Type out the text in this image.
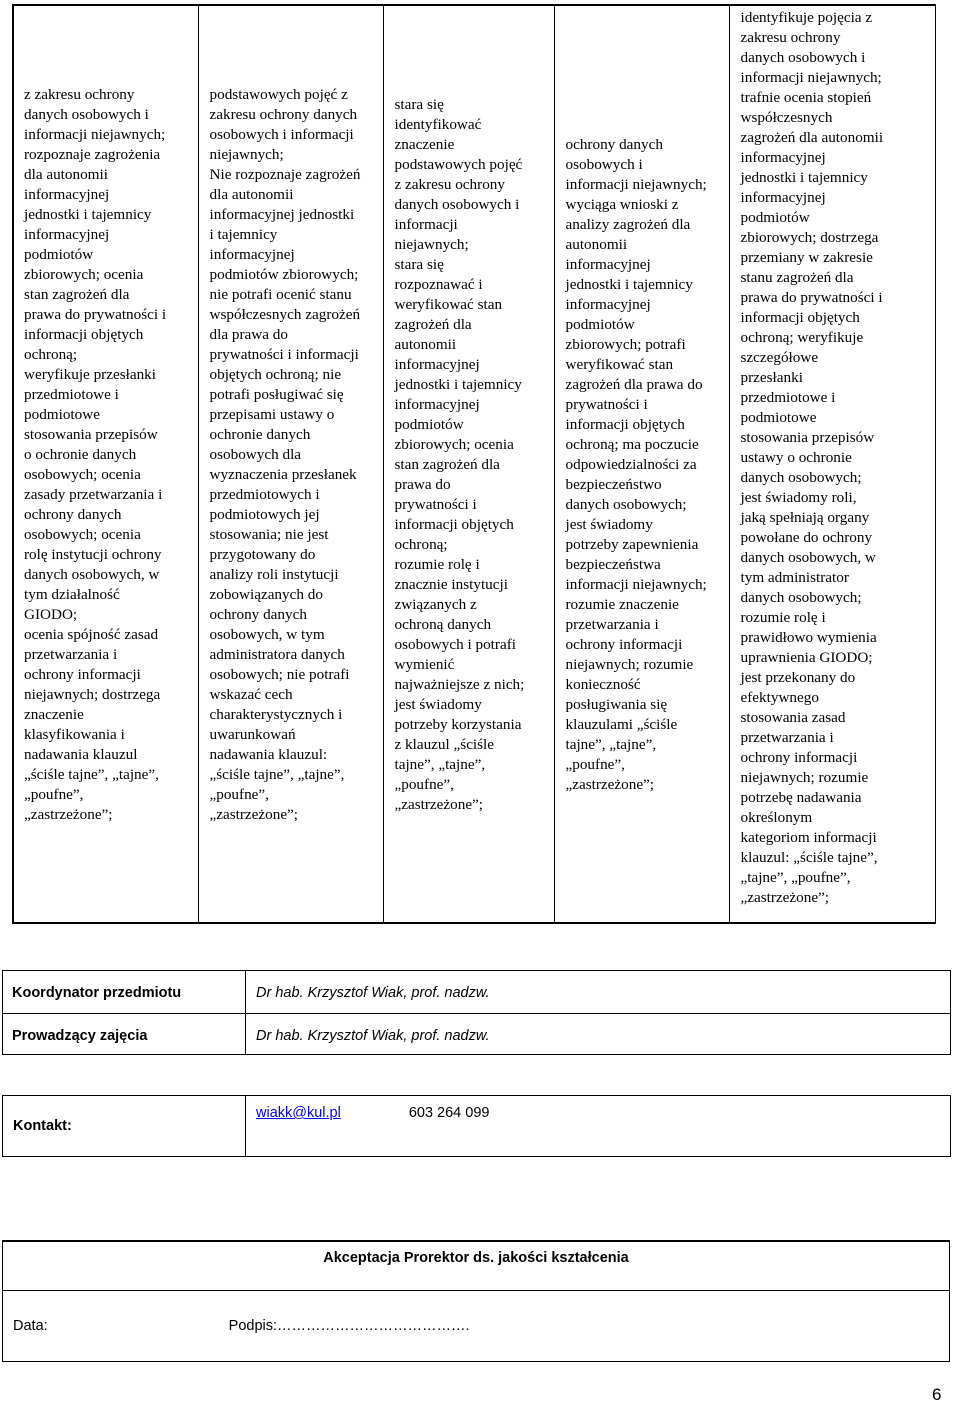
z zakresu ochrony
danych osobowych i
informacji niejawnych;
rozpoznaje zagrożenia
dla autonomii
informacyjnej
jednostki i tajemnicy
informacyjnej
podmiotów
zbiorowych; ocenia
stan zagrożeń dla
prawa do prywatności i
informacji objętych
ochroną;
weryfikuje przesłanki
przedmiotowe i
podmiotowe
stosowania przepisów
o ochronie danych
osobowych; ocenia
zasady przetwarzania i
ochrony danych
osobowych; ocenia
rolę instytucji ochrony
danych osobowych, w
tym działalność
GIODO;
ocenia spójność zasad
przetwarzania i
ochrony informacji
niejawnych; dostrzega
znaczenie
klasyfikowania i
nadawania klauzul
„ściśle tajne”, „tajne”,
„poufne”,
„zastrzeżone”;

podstawowych pojęć z
zakresu ochrony danych
osobowych i informacji
niejawnych;
Nie rozpoznaje zagrożeń
dla autonomii
informacyjnej jednostki
i tajemnicy
informacyjnej
podmiotów zbiorowych;
nie potrafi ocenić stanu
współczesnych zagrożeń
dla prawa do
prywatności i informacji
objętych ochroną; nie
potrafi posługiwać się
przepisami ustawy o
ochronie danych
osobowych dla
wyznaczenia przesłanek
przedmiotowych i
podmiotowych jej
stosowania; nie jest
przygotowany do
analizy roli instytucji
zobowiązanych do
ochrony danych
osobowych, w tym
administratora danych
osobowych; nie potrafi
wskazać cech
charakterystycznych i
uwarunkowań
nadawania klauzul:
„ściśle tajne”, „tajne”,
„poufne”,
„zastrzeżone”;

stara się
identyfikować
znaczenie
podstawowych pojęć
z zakresu ochrony
danych osobowych i
informacji
niejawnych;
stara się
rozpoznawać i
weryfikować stan
zagrożeń dla
autonomii
informacyjnej
jednostki i tajemnicy
informacyjnej
podmiotów
zbiorowych; ocenia
stan zagrożeń dla
prawa do
prywatności i
informacji objętych
ochroną;
rozumie rolę i
znacznie instytucji
związanych z
ochroną danych
osobowych i potrafi
wymienić
najważniejsze z nich;
jest świadomy
potrzeby korzystania
z klauzul „ściśle
tajne”, „tajne”,
„poufne”,
„zastrzeżone”;

ochrony danych
osobowych i
informacji niejawnych;
wyciąga wnioski z
analizy zagrożeń dla
autonomii
informacyjnej
jednostki i tajemnicy
informacyjnej
podmiotów
zbiorowych; potrafi
weryfikować stan
zagrożeń dla prawa do
prywatności i
informacji objętych
ochroną; ma poczucie
odpowiedzialności za
bezpieczeństwo
danych osobowych;
jest świadomy
potrzeby zapewnienia
bezpieczeństwa
informacji niejawnych;
rozumie znaczenie
przetwarzania i
ochrony informacji
niejawnych; rozumie
konieczność
posługiwania się
klauzulami „ściśle
tajne”, „tajne”,
„poufne”,
„zastrzeżone”;

identyfikuje pojęcia z
zakresu ochrony
danych osobowych i
informacji niejawnych;
trafnie ocenia stopień
współczesnych
zagrożeń dla autonomii
informacyjnej
jednostki i tajemnicy
informacyjnej
podmiotów
zbiorowych; dostrzega
przemiany w zakresie
stanu zagrożeń dla
prawa do prywatności i
informacji objętych
ochroną; weryfikuje
szczegółowe
przesłanki
przedmiotowe i
podmiotowe
stosowania przepisów
ustawy o ochronie
danych osobowych;
jest świadomy roli,
jaką spełniają organy
powołane do ochrony
danych osobowych, w
tym administrator
danych osobowych;
rozumie rolę i
prawidłowo wymienia
uprawnienia GIODO;
jest przekonany do
efektywnego
stosowania zasad
przetwarzania i
ochrony informacji
niejawnych; rozumie
potrzebę nadawania
określonym
kategoriom informacji
klauzul: „ściśle tajne”,
„tajne”, „poufne”,
„zastrzeżone”;
Koordynator przedmiotu	Dr hab. Krzysztof Wiak, prof. nadzw.
Prowadzący zajęcia	Dr hab. Krzysztof Wiak, prof. nadzw.
Kontakt:	wiakk@kul.pl	603 264 099
Akceptacja Prorektor ds. jakości kształcenia
Data:	Podpis:………………………………….
6
